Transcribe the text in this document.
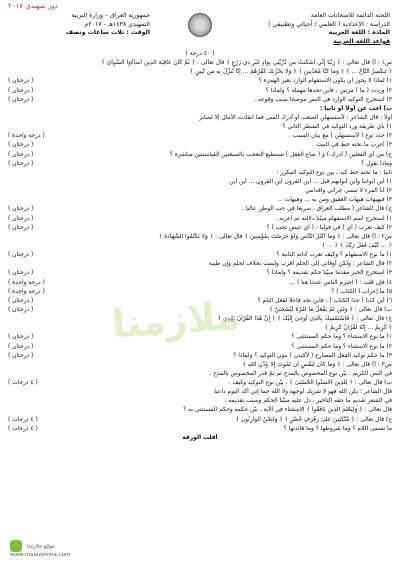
دور تمهيدي ٢٠١٧
اللجنة الدائمة للامتحانات العامة
الدراسة : الإعدادية ( العلمي / أحيائي وتطبيقي )
المادة : اللغة العربية
قواعد اللغة العربية
جمهورية العراق – وزارة التربية
التمهيدي ١٤٣٨هـ - ٢٠١٧م
الوقت : ثلاث ساعات ونصف
( ٤٠ درجة )
س١ : أ) قال تعالى : ﴿ رَبَّنَا إِنِّي أَسْكَنتُ مِن ذُرِّيَّتِي بِوَادٍ غَيْرِ ذِي زَرْعٍ ﴾ قال تعالى : ﴿ ثُمَّ كَانَ عَاقِبَةَ الَّذِينَ أَسَاءُوا السُّوأَىٰ ﴾
﴿ تَنكَسِرُ التَّاجُ ... ﴾ ﴿ وَمَا كُنَّا مُعَذِّبِينَ ﴾ ﴿ وَلَا يَحْزُنكَ كُفْرُهُمْ ... إِنَّا نُنزِّلُ بِهِ مِن نُّبِينٍ ﴾
١) لماذا لا يجوز أن يكون الاستفهام الوارد بغير الهمزة ؟
( درجتان )
٢) وردت ( ما ) مرتين ، فأين تحدها مهملة ؟ ولماذا ؟
( درجتان )
٣) استخرج التوكيد الوارد في النص موضحاً سبب وقوعه .
( درجتان )
ب) أجب عن أولاً أو ثانياً :
أولاً : قال الشاعر : لأستسهلن الصعب أو أدرك المنى فما انقادت الآمال إلا لصابر
١) بأي طريقة ورد التوكيد في الشطر الثاني ؟
٢) حدد نوع ( لأستسهلن ) مع بيان السبب .
( درجة واحدة )
٣) أعرب ما تحته خط في البيت .
( درجتان )
ج) من أي الفعلين ( أدرك ) و ( ضاع العقل ) تستطيع التعجب بالصيغتين القياسيتين مباشرة ؟
( درجتان )
وماذا تقول ؟
( درجتان )
ثانياً : ما تحته خط كيد ، بين نوع التوكيد المكرر :
١) أين أبوابنا وأين أبوابهم قبل ... أين القرون أين القرون ... أين أين
٢) أنا المرء لا تنسى جرأتي وأقدامي
٣) فيهيهات هيهات العقيق ومن به ... وهيهات ...
ج) قال الشاعر ( مطلب العراق ، سريعاً في حب الوطن عالياً .
( درجتان )
١) استخرج اسم الاستفهام مبيّناً دلالته ثم أعربه .
( درجتان )
٢) كيف تعرب ( أي ) في قولنا : ( أي عيش تحب ) ؟
( درجتان )
س٢ : أ) قال تعالى : ﴿ وَمَا أَكْثَرُ النَّاسِ وَلَوْ حَرَصْتَ بِمُؤْمِنِينَ ﴾ قال تعالى : ﴿ وَلَا تَكْتُمُوا الشَّهَادَةَ ﴾
﴿ ... كَيْفَ فَعَلَ رَبُّكَ ﴾ ﴿ ... ﴾
١) ما نوع الاستفهام ؟ وكيف تعرب أداته الثانية ؟
( درجتان )
٢) قال الشاعر : ولكن أوقاتي إلى الحلم أقرب ولست بحلاف لحلم وإن طيبة
٣) استخرج الخبر مقدماً مبيّناً حكم تقديمه ؟ ولماذا ؟
( درجتان )
٤) فإن قلت : ( احترم الناس عندنا هنا ) ...
( درجة واحدة )
٥) ما إعراب ( الكتاب ) ؟
( درجة واحدة )
٦) أين كذباً ( جداً الكتاب ) ، فأين تجد فاعلاً لفعل التام ؟
( درجتان )
ب) قال تعالى : ﴿ وَلَئِن لَّمْ يَفْعَلْ مَا آمُرُهُ لَيُسْجَنَنَّ ﴾
( درجتان )
ج) قال تعالى : ﴿ فَاسْتَمْسِكْ بِالَّذِي أُوحِيَ إِلَيْكَ ﴾ ﴿ إِنَّ هَٰذَا الْقُرْآنَ يَهْدِي ﴾
﴿ كَرِيمٌ ... إِنَّهُ لَقُرْآنٌ كَرِيمٌ ﴾
١) ما نوع الاستثناء ؟ وما حكم المستثنى ؟
( درجتان )
٢) ما نوع الاستثناء ؟ وما حكم المستثنى ؟
( درجتان )
٣) ما حكم توكيد الفعل المضارع ( لأكيدن ) بنون التوكيد ؟ ولماذا ؟
( درجتان )
س٣ : أ) قال تعالى : ﴿ وَمَا كَانَ لِنَفْسٍ أَن تَمُوتَ إِلَّا بِإِذْنِ اللَّهِ ﴾
في النص الكريم ، بيّن نوع المخصوص بالمدح ثم تمّ قدر المخصوص بالمدح .
ب) قال تعالى : ﴿ لِلَّذِينَ أَحْسَنُوا الْحُسْنَىٰ ﴾ ، بيّن نوع التوكيد وكيف .
( ٤ درجات )
قال الشاعر : يكن الله فهو لا شريك لوجهه ولا الله جماً إني أكد اليوم داعياً
في الشعر تقديم ما حقه التأخير ، دل عليه مبيّناً الحكم وسبب تقديمه .
قال تعالى : ﴿ وَلِيَعْلَمَ الَّذِينَ نَافَقُوا ﴾ الاستثناء في الآية ، بيّن حكمه وحكم المستثنى به ؟
ج) قال تعالى : ﴿ مُّتَّكِئِينَ عَلَىٰ رَفْرَفٍ خُضْرٍ ﴾ ﴿ وَلَنَحْنُ الْوَارِثُونَ ﴾
( ٤ درجات )
ما تسمى اللام ؟ وما شروطها ؟ وما فائدتها ؟
( ٤ درجات )
أقلب الورقة
ملازمنا
موقع ملازمنا
www.malazemna.com
